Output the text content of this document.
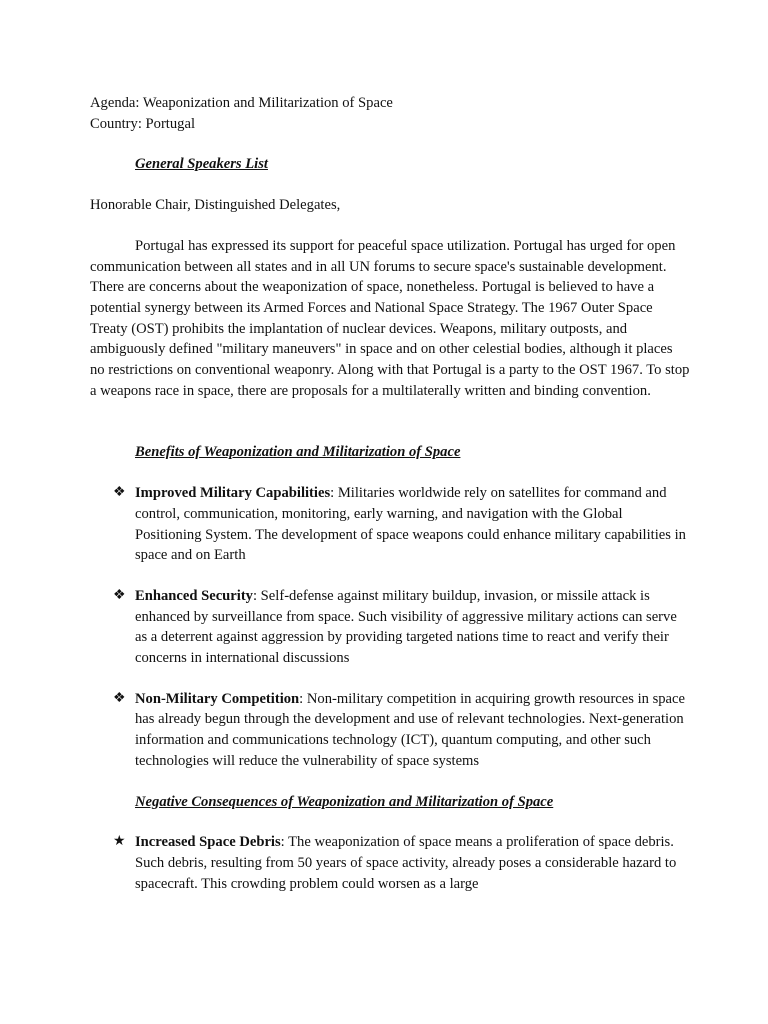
Agenda: Weaponization and Militarization of Space

Country: Portugal

General Speakers List

Honorable Chair, Distinguished Delegates,

Portugal has expressed its support for peaceful space utilization. Portugal has urged for open communication between all states and in all UN forums to secure space's sustainable development. There are concerns about the weaponization of space, nonetheless. Portugal is believed to have a potential synergy between its Armed Forces and National Space Strategy. The 1967 Outer Space Treaty (OST) prohibits the implantation of nuclear devices. Weapons, military outposts, and ambiguously defined "military maneuvers" in space and on other celestial bodies, although it places no restrictions on conventional weaponry. Along with that Portugal is a party to the OST 1967. To stop a weapons race in space, there are proposals for a multilaterally written and binding convention.

Benefits of Weaponization and Militarization of Space

❖ Improved Military Capabilities: Militaries worldwide rely on satellites for command and control, communication, monitoring, early warning, and navigation with the Global Positioning System. The development of space weapons could enhance military capabilities in space and on Earth
❖ Enhanced Security: Self-defense against military buildup, invasion, or missile attack is enhanced by surveillance from space. Such visibility of aggressive military actions can serve as a deterrent against aggression by providing targeted nations time to react and verify their concerns in international discussions
❖ Non-Military Competition: Non-military competition in acquiring growth resources in space has already begun through the development and use of relevant technologies. Next-generation information and communications technology (ICT), quantum computing, and other such technologies will reduce the vulnerability of space systems

Negative Consequences of Weaponization and Militarization of Space

★ Increased Space Debris: The weaponization of space means a proliferation of space debris. Such debris, resulting from 50 years of space activity, already poses a considerable hazard to spacecraft. This crowding problem could worsen as a large
